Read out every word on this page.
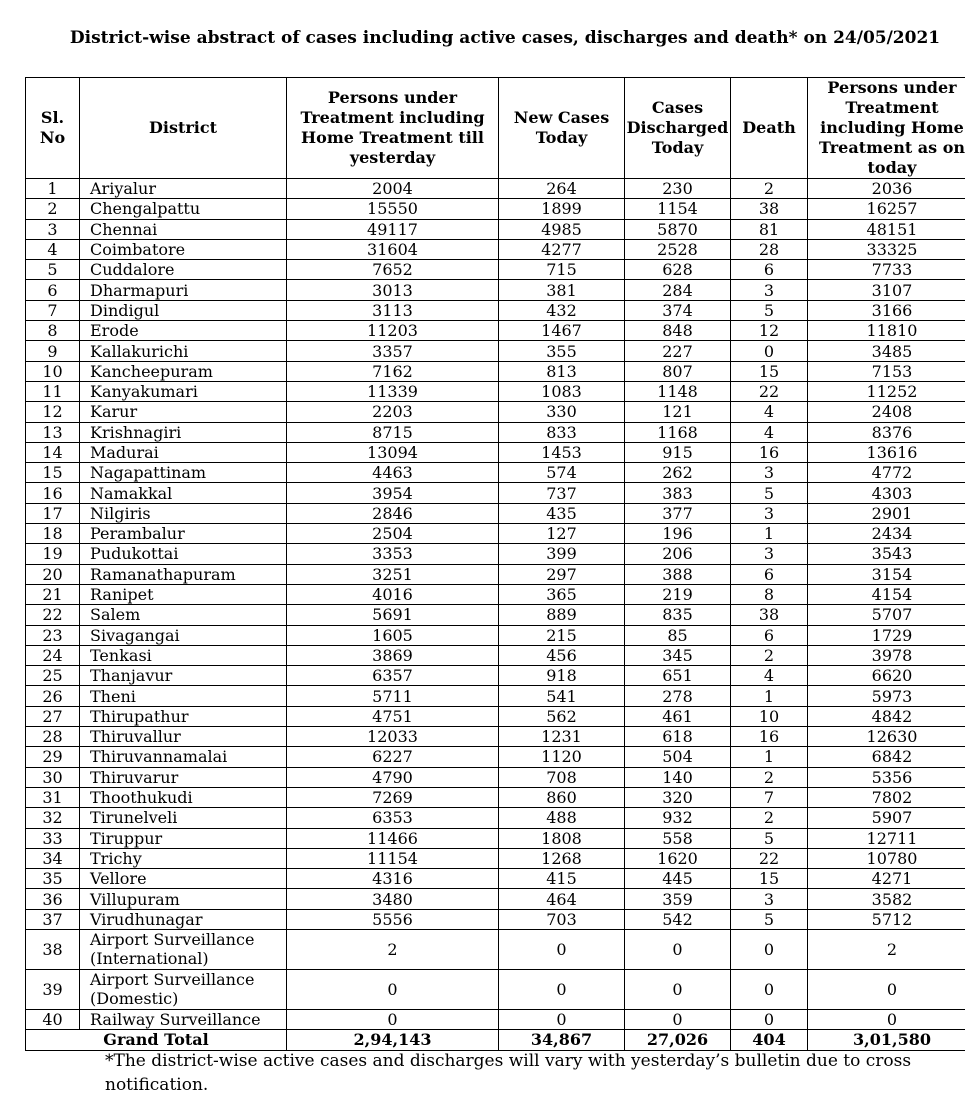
District-wise abstract of cases including active cases, discharges and death* on 24/05/2021
Sl. No	District	Persons under Treatment including Home Treatment till yesterday	New Cases Today	Cases Discharged Today	Death	Persons under Treatment including Home Treatment as on today
1	Ariyalur	2004	264	230	2	2036
2	Chengalpattu	15550	1899	1154	38	16257
3	Chennai	49117	4985	5870	81	48151
4	Coimbatore	31604	4277	2528	28	33325
5	Cuddalore	7652	715	628	6	7733
6	Dharmapuri	3013	381	284	3	3107
7	Dindigul	3113	432	374	5	3166
8	Erode	11203	1467	848	12	11810
9	Kallakurichi	3357	355	227	0	3485
10	Kancheepuram	7162	813	807	15	7153
11	Kanyakumari	11339	1083	1148	22	11252
12	Karur	2203	330	121	4	2408
13	Krishnagiri	8715	833	1168	4	8376
14	Madurai	13094	1453	915	16	13616
15	Nagapattinam	4463	574	262	3	4772
16	Namakkal	3954	737	383	5	4303
17	Nilgiris	2846	435	377	3	2901
18	Perambalur	2504	127	196	1	2434
19	Pudukottai	3353	399	206	3	3543
20	Ramanathapuram	3251	297	388	6	3154
21	Ranipet	4016	365	219	8	4154
22	Salem	5691	889	835	38	5707
23	Sivagangai	1605	215	85	6	1729
24	Tenkasi	3869	456	345	2	3978
25	Thanjavur	6357	918	651	4	6620
26	Theni	5711	541	278	1	5973
27	Thirupathur	4751	562	461	10	4842
28	Thiruvallur	12033	1231	618	16	12630
29	Thiruvannamalai	6227	1120	504	1	6842
30	Thiruvarur	4790	708	140	2	5356
31	Thoothukudi	7269	860	320	7	7802
32	Tirunelveli	6353	488	932	2	5907
33	Tiruppur	11466	1808	558	5	12711
34	Trichy	11154	1268	1620	22	10780
35	Vellore	4316	415	445	15	4271
36	Villupuram	3480	464	359	3	3582
37	Virudhunagar	5556	703	542	5	5712
38	Airport Surveillance (International)	2	0	0	0	2
39	Airport Surveillance (Domestic)	0	0	0	0	0
40	Railway Surveillance	0	0	0	0	0
Grand Total		2,94,143	34,867	27,026	404	3,01,580
*The district-wise active cases and discharges will vary with yesterday’s bulletin due to cross notification.
